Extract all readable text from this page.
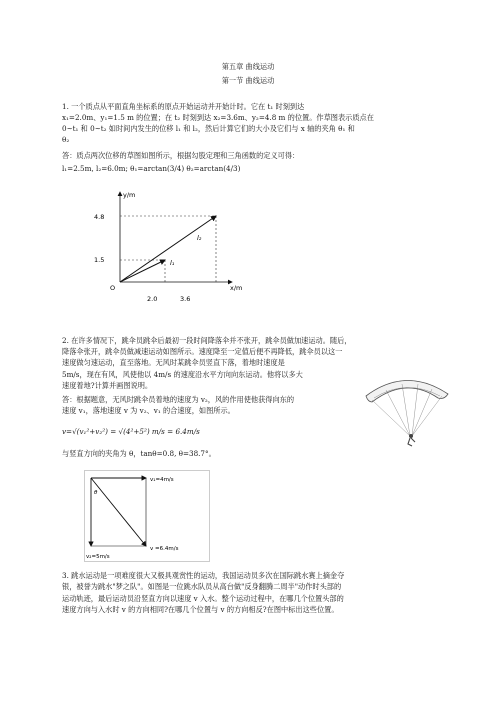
第五章 曲线运动
第一节 曲线运动
1. 一个质点从平面直角坐标系的原点开始运动并开始计时。它在 t₁ 时刻到达
x₁=2.0m、y₁=1.5 m 的位置；在 t₂ 时刻到达 x₂=3.6m、y₂=4.8 m 的位置。作草图表示质点在
0~t₁ 和 0~t₂ 如时间内发生的位移 l₁ 和 l₂，然后计算它们的大小及它们与 x 轴的夹角 θ₁ 和
θ₂
答：质点两次位移的草图如图所示，根据勾股定理和三角函数的定义可得：
l₁=2.5m, l₂=6.0m; θ₁=arctan(3/4) θ₂=arctan(4/3)
y/m
x/m
O
4.8
1.5
2.0	3.6
l₂
l₁
2. 在许多情况下，跳伞员跳伞后最初一段时间降落伞并不张开，跳伞员做加速运动。随后，
降落伞张开，跳伞员做减速运动如图所示。速度降至一定值后便不再降低，跳伞员以这一
速度做匀速运动，直至落地。无风时某跳伞员竖直下落，着地时速度是
5m/s，现在有风，风使他以 4m/s 的速度沿水平方向向东运动。他将以多大
速度着地?计算并画图说明。
答：根据题意，无风时跳伞员着地的速度为 v₂，风的作用使他获得向东的
速度 v₁，落地速度 v 为 v₂、v₁ 的合速度，如图所示。
v=√(v₁²+v₂²) = √(4²+5²) m/s = 6.4m/s
与竖直方向的夹角为 θ，tanθ=0.8, θ=38.7°。
v₁=4m/s
θ
v =6.4m/s
v₂=5m/s
3. 跳水运动是一项难度很大又极具观赏性的运动，我国运动员多次在国际跳水赛上摘金夺
银，被誉为跳水"梦之队"。如图是一位跳水队员从高台做"反身翻腾二周半"动作时头部的
运动轨迹，最后运动员沿竖直方向以速度 v 入水。整个运动过程中，在哪几个位置头部的
速度方向与入水时 v 的方向相同?在哪几个位置与 v 的方向相反?在图中标出这些位置。
